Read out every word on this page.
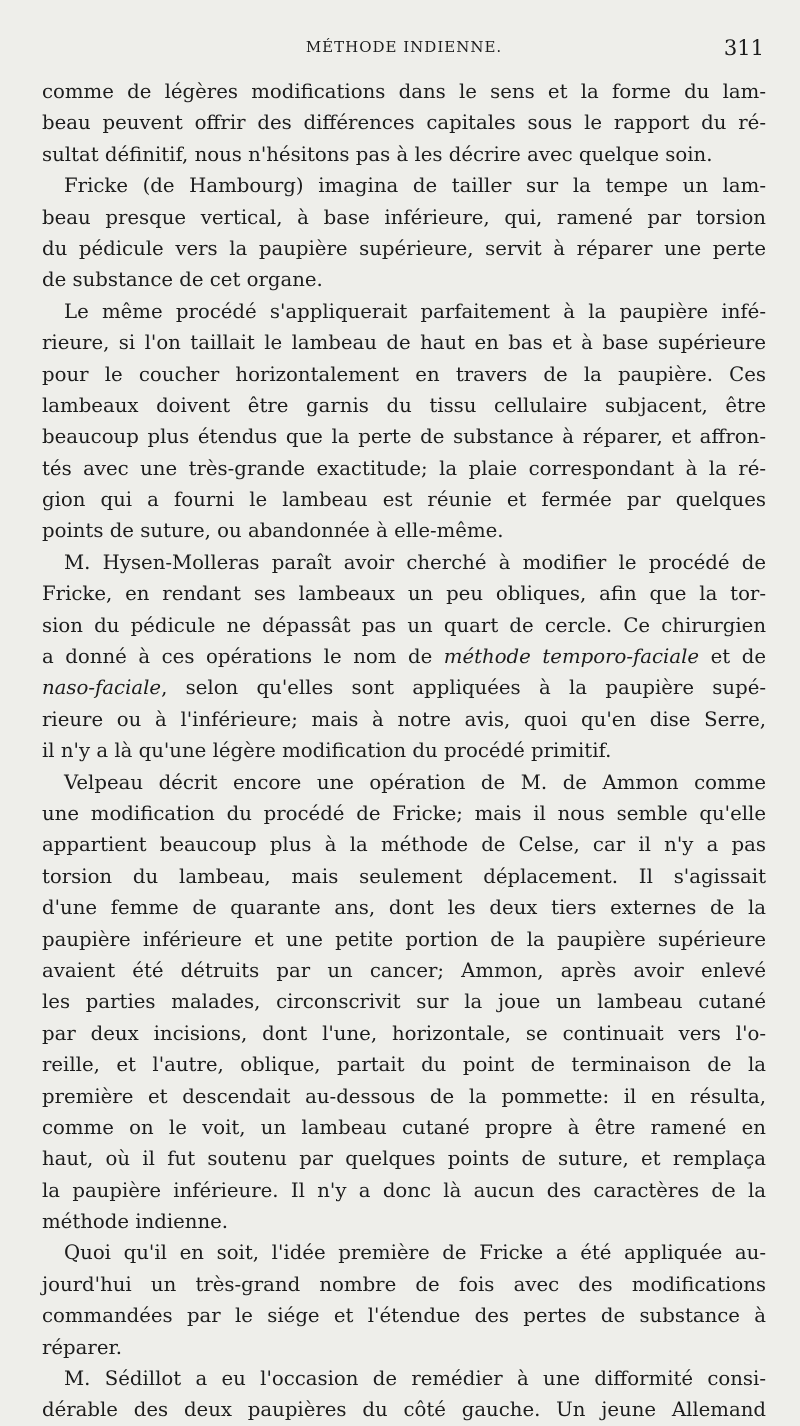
MÉTHODE INDIENNE.	311
comme de légères modifications dans le sens et la forme du lam-
beau peuvent offrir des différences capitales sous le rapport du ré-
sultat définitif, nous n'hésitons pas à les décrire avec quelque soin.
Fricke (de Hambourg) imagina de tailler sur la tempe un lam-
beau presque vertical, à base inférieure, qui, ramené par torsion
du pédicule vers la paupière supérieure, servit à réparer une perte
de substance de cet organe.
Le même procédé s'appliquerait parfaitement à la paupière infé-
rieure, si l'on taillait le lambeau de haut en bas et à base supérieure
pour le coucher horizontalement en travers de la paupière. Ces
lambeaux doivent être garnis du tissu cellulaire subjacent, être
beaucoup plus étendus que la perte de substance à réparer, et affron-
tés avec une très-grande exactitude; la plaie correspondant à la ré-
gion qui a fourni le lambeau est réunie et fermée par quelques
points de suture, ou abandonnée à elle-même.
M. Hysen-Molleras paraît avoir cherché à modifier le procédé de
Fricke, en rendant ses lambeaux un peu obliques, afin que la tor-
sion du pédicule ne dépassât pas un quart de cercle. Ce chirurgien
a donné à ces opérations le nom de méthode temporo-faciale et de
naso-faciale, selon qu'elles sont appliquées à la paupière supé-
rieure ou à l'inférieure; mais à notre avis, quoi qu'en dise Serre,
il n'y a là qu'une légère modification du procédé primitif.
Velpeau décrit encore une opération de M. de Ammon comme
une modification du procédé de Fricke; mais il nous semble qu'elle
appartient beaucoup plus à la méthode de Celse, car il n'y a pas
torsion du lambeau, mais seulement déplacement. Il s'agissait
d'une femme de quarante ans, dont les deux tiers externes de la
paupière inférieure et une petite portion de la paupière supérieure
avaient été détruits par un cancer; Ammon, après avoir enlevé
les parties malades, circonscrivit sur la joue un lambeau cutané
par deux incisions, dont l'une, horizontale, se continuait vers l'o-
reille, et l'autre, oblique, partait du point de terminaison de la
première et descendait au-dessous de la pommette: il en résulta,
comme on le voit, un lambeau cutané propre à être ramené en
haut, où il fut soutenu par quelques points de suture, et remplaça
la paupière inférieure. Il n'y a donc là aucun des caractères de la
méthode indienne.
Quoi qu'il en soit, l'idée première de Fricke a été appliquée au-
jourd'hui un très-grand nombre de fois avec des modifications
commandées par le siége et l'étendue des pertes de substance à
réparer.
M. Sédillot a eu l'occasion de remédier à une difformité consi-
dérable des deux paupières du côté gauche. Un jeune Allemand
